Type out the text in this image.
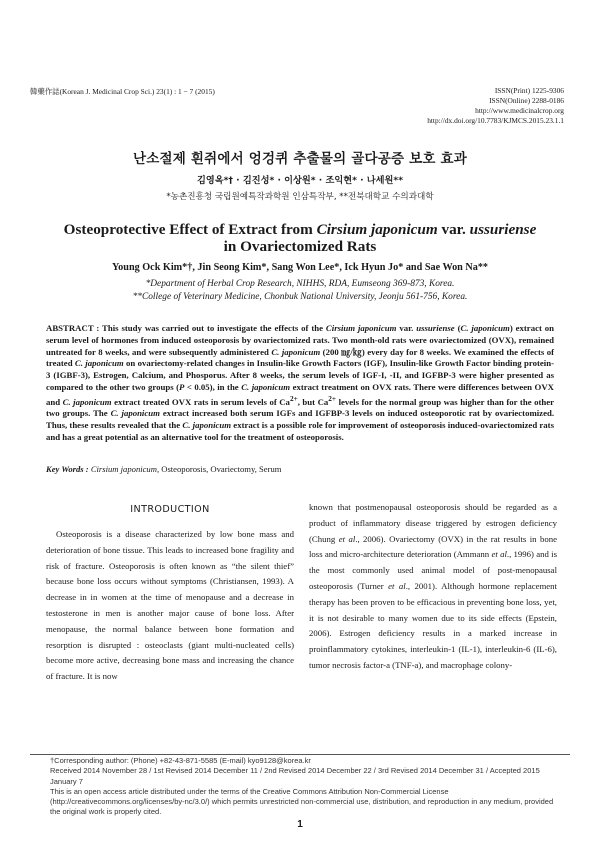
韓藥作誌(Korean J. Medicinal Crop Sci.) 23(1) : 1 − 7 (2015)	ISSN(Print) 1225-9306
ISSN(Online) 2288-0186
http://www.medicinalcrop.org
http://dx.doi.org/10.7783/KJMCS.2015.23.1.1
난소절제 흰쥐에서 엉겅퀴 추출물의 골다공증 보호 효과
김영옥*† · 김진성* · 이상원* · 조익현* · 나세원**
*농촌진흥청 국립원예특작과학원 인삼특작부, **전북대학교 수의과대학
Osteoprotective Effect of Extract from Cirsium japonicum var. ussuriense
in Ovariectomized Rats
Young Ock Kim*†, Jin Seong Kim*, Sang Won Lee*, Ick Hyun Jo* and Sae Won Na**
*Department of Herbal Crop Research, NIHHS, RDA, Eumseong 369-873, Korea.
**College of Veterinary Medicine, Chonbuk National University, Jeonju 561-756, Korea.

ABSTRACT : This study was carried out to investigate the effects of the Cirsium japonicum var. ussuriense (C. japonicum) extract on serum level of hormones from induced osteoporosis by ovariectomized rats. Two month-old rats were ovariectomized (OVX), remained untreated for 8 weeks, and were subsequently administered C. japonicum (200 ㎎/㎏) every day for 8 weeks. We examined the effects of treated C. japonicum on ovariectomy-related changes in Insulin-like Growth Factors (IGF), Insulin-like Growth Factor binding protein-3 (IGBF-3), Estrogen, Calcium, and Phosporus. After 8 weeks, the serum levels of IGF-I, -II, and IGFBP-3 were higher presented as compared to the other two groups (P < 0.05), in the C. japonicum extract treatment on OVX rats. There were differences between OVX and C. japonicum extract treated OVX rats in serum levels of $Ca^{2+}$, but $Ca^{2+}$ levels for the normal group was higher than for the other two groups. The C. japonicum extract increased both serum IGFs and IGFBP-3 levels on induced osteoporotic rat by ovariectomized. Thus, these results revealed that the C. japonicum extract is a possible role for improvement of osteoporosis induced-ovariectomized rats and has a great potential as an alternative tool for the treatment of osteoporosis.

Key Words : Cirsium japonicum, Osteoporosis, Ovariectomy, Serum
INTRODUCTION

Osteoporosis is a disease characterized by low bone mass and deterioration of bone tissue. This leads to increased bone fragility and risk of fracture. Osteoporosis is often known as “the silent thief” because bone loss occurs without symptoms (Christiansen, 1993). A decrease in in women at the time of menopause and a decrease in testosterone in men is another major cause of bone loss. After menopause, the normal balance between bone formation and resorption is disrupted : osteoclasts (giant multi-nucleated cells) become more active, decreasing bone mass and increasing the chance of fracture. It is now

known that postmenopausal osteoporosis should be regarded as a product of inflammatory disease triggered by estrogen deficiency (Chung et al., 2006). Ovariectomy (OVX) in the rat results in bone loss and micro-architecture deterioration (Ammann et al., 1996) and is the most commonly used animal model of post-menopausal osteoporosis (Turner et al., 2001). Although hormone replacement therapy has been proven to be efficacious in preventing bone loss, yet, it is not desirable to many women due to its side effects (Epstein, 2006). Estrogen deficiency results in a marked increase in proinflammatory cytokines, interleukin-1 (IL-1), interleukin-6 (IL-6), tumor necrosis factor-a (TNF-a), and macrophage colony-

†Corresponding author: (Phone) +82-43-871-5585 (E-mail) kyo9128@korea.kr

Received 2014 November 28 / 1st Revised 2014 December 11 / 2nd Revised 2014 December 22 / 3rd Revised 2014 December 31 / Accepted 2015 January 7

This is an open access article distributed under the terms of the Creative Commons Attribution Non-Commercial License (http://creativecommons.org/licenses/by-nc/3.0/) which permits unrestricted non-commercial use, distribution, and reproduction in any medium, provided the original work is properly cited.

1
